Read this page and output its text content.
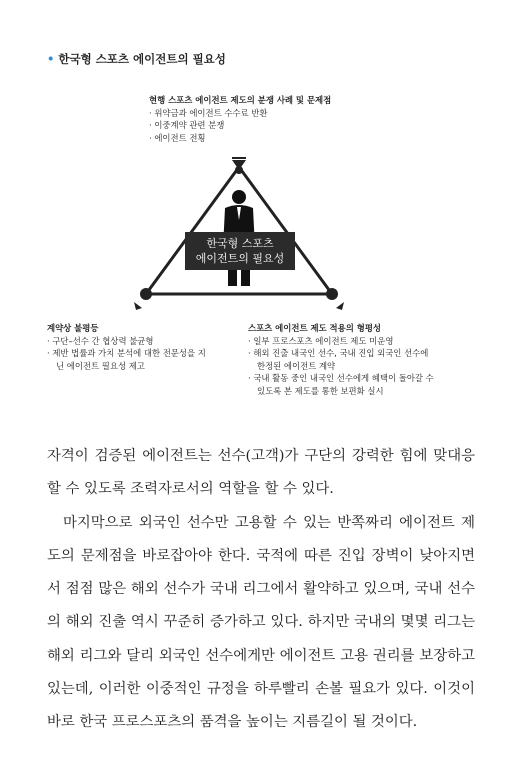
• 한국형 스포츠 에이전트의 필요성
현행 스포츠 에이전트 제도의 분쟁 사례 및 문제점
· 위약금과 에이전트 수수료 반환
· 이중계약 관련 분쟁
· 에이전트 전횡
한국형 스포츠
에이전트의 필요성
계약상 불평등
· 구단–선수 간 협상력 불균형
· 제반 법률과 가치 분석에 대한 전문성을 지
닌 에이전트 필요성 제고
스포츠 에이전트 제도 적용의 형평성
· 일부 프로스포츠 에이전트 제도 미운영
· 해외 진출 내국인 선수, 국내 진입 외국인 선수에
한정된 에이전트 계약
· 국내 활동 중인 내국인 선수에게 혜택이 돌아갈 수
있도록 본 제도를 통한 보편화 실시

자격이 검증된 에이전트는 선수(고객)가 구단의 강력한 힘에 맞대응

할 수 있도록 조력자로서의 역할을 할 수 있다.

마지막으로 외국인 선수만 고용할 수 있는 반쪽짜리 에이전트 제

도의 문제점을 바로잡아야 한다. 국적에 따른 진입 장벽이 낮아지면

서 점점 많은 해외 선수가 국내 리그에서 활약하고 있으며, 국내 선수

의 해외 진출 역시 꾸준히 증가하고 있다. 하지만 국내의 몇몇 리그는

해외 리그와 달리 외국인 선수에게만 에이전트 고용 권리를 보장하고

있는데, 이러한 이중적인 규정을 하루빨리 손볼 필요가 있다. 이것이

바로 한국 프로스포츠의 품격을 높이는 지름길이 될 것이다.
